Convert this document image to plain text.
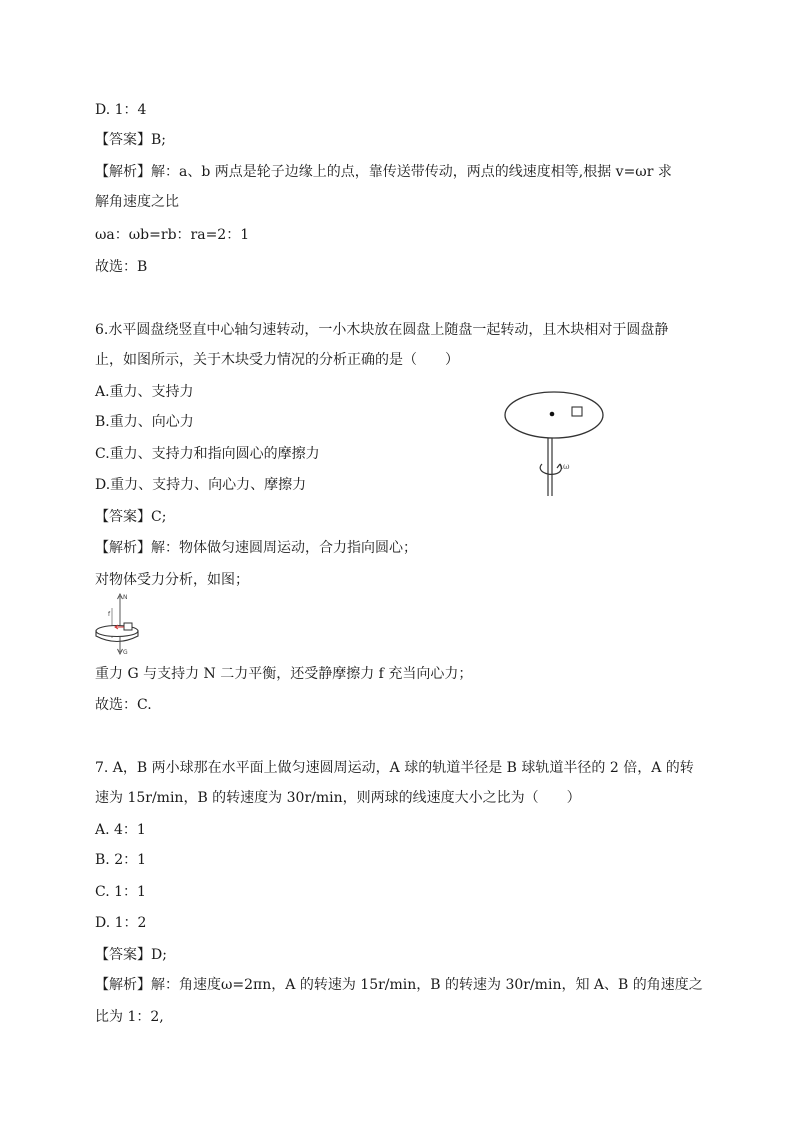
D. 1：4
【答案】B;
【解析】解：a、b 两点是轮子边缘上的点，靠传送带传动，两点的线速度相等,根据 v=ωr 求
解角速度之比
ωa：ωb=rb：ra=2：1
故选：B
6.水平圆盘绕竖直中心轴匀速转动，一小木块放在圆盘上随盘一起转动，且木块相对于圆盘静
止，如图所示，关于木块受力情况的分析正确的是（　　）
A.重力、支持力
B.重力、向心力
C.重力、支持力和指向圆心的摩擦力
D.重力、支持力、向心力、摩擦力
【答案】C;
【解析】解：物体做匀速圆周运动，合力指向圆心；
对物体受力分析，如图；
ω
N
f
G
重力 G 与支持力 N 二力平衡，还受静摩擦力 f 充当向心力；
故选：C.
7. A，B 两小球那在水平面上做匀速圆周运动，A 球的轨道半径是 B 球轨道半径的 2 倍，A 的转
速为 15r/min，B 的转速度为 30r/min，则两球的线速度大小之比为（　　）
A. 4：1
B. 2：1
C. 1：1
D. 1：2
【答案】D;
【解析】解：角速度ω=2πn，A 的转速为 15r/min，B 的转速为 30r/min，知 A、B 的角速度之
比为 1：2,
